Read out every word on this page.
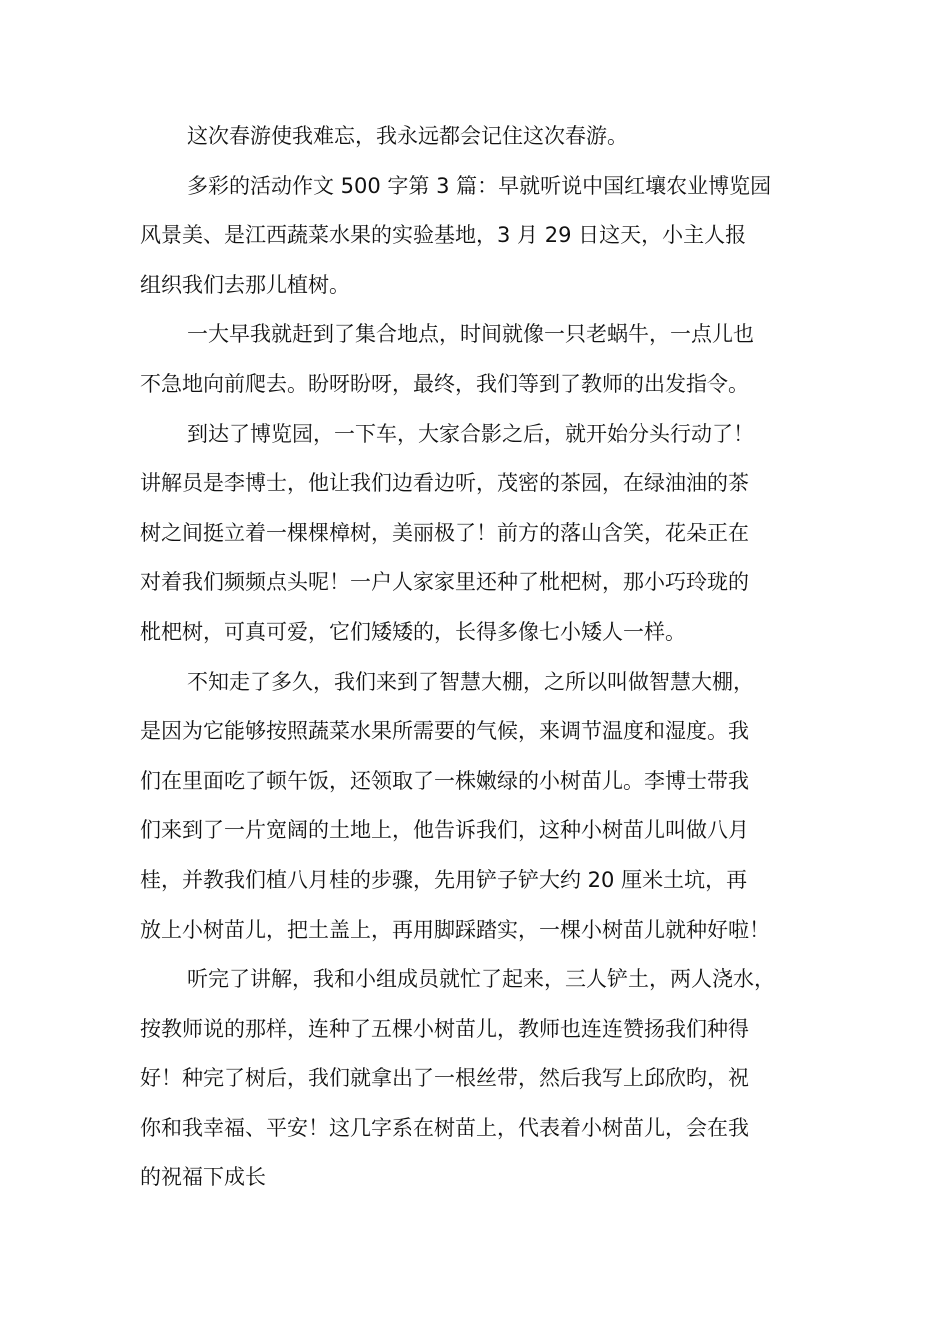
这次春游使我难忘，我永远都会记住这次春游。
多彩的活动作文 500 字第 3 篇：早就听说中国红壤农业博览园
风景美、是江西蔬菜水果的实验基地，3 月 29 日这天，小主人报
组织我们去那儿植树。
一大早我就赶到了集合地点，时间就像一只老蜗牛，一点儿也
不急地向前爬去。盼呀盼呀，最终，我们等到了教师的出发指令。
到达了博览园，一下车，大家合影之后，就开始分头行动了！
讲解员是李博士，他让我们边看边听，茂密的茶园，在绿油油的茶
树之间挺立着一棵棵樟树，美丽极了！前方的落山含笑，花朵正在
对着我们频频点头呢！一户人家家里还种了枇杷树，那小巧玲珑的
枇杷树，可真可爱，它们矮矮的，长得多像七小矮人一样。
不知走了多久，我们来到了智慧大棚，之所以叫做智慧大棚，
是因为它能够按照蔬菜水果所需要的气候，来调节温度和湿度。我
们在里面吃了顿午饭，还领取了一株嫩绿的小树苗儿。李博士带我
们来到了一片宽阔的土地上，他告诉我们，这种小树苗儿叫做八月
桂，并教我们植八月桂的步骤，先用铲子铲大约 20 厘米土坑，再
放上小树苗儿，把土盖上，再用脚踩踏实，一棵小树苗儿就种好啦！
听完了讲解，我和小组成员就忙了起来，三人铲土，两人浇水，
按教师说的那样，连种了五棵小树苗儿，教师也连连赞扬我们种得
好！种完了树后，我们就拿出了一根丝带，然后我写上邱欣昀，祝
你和我幸福、平安！这几字系在树苗上，代表着小树苗儿，会在我
的祝福下成长
